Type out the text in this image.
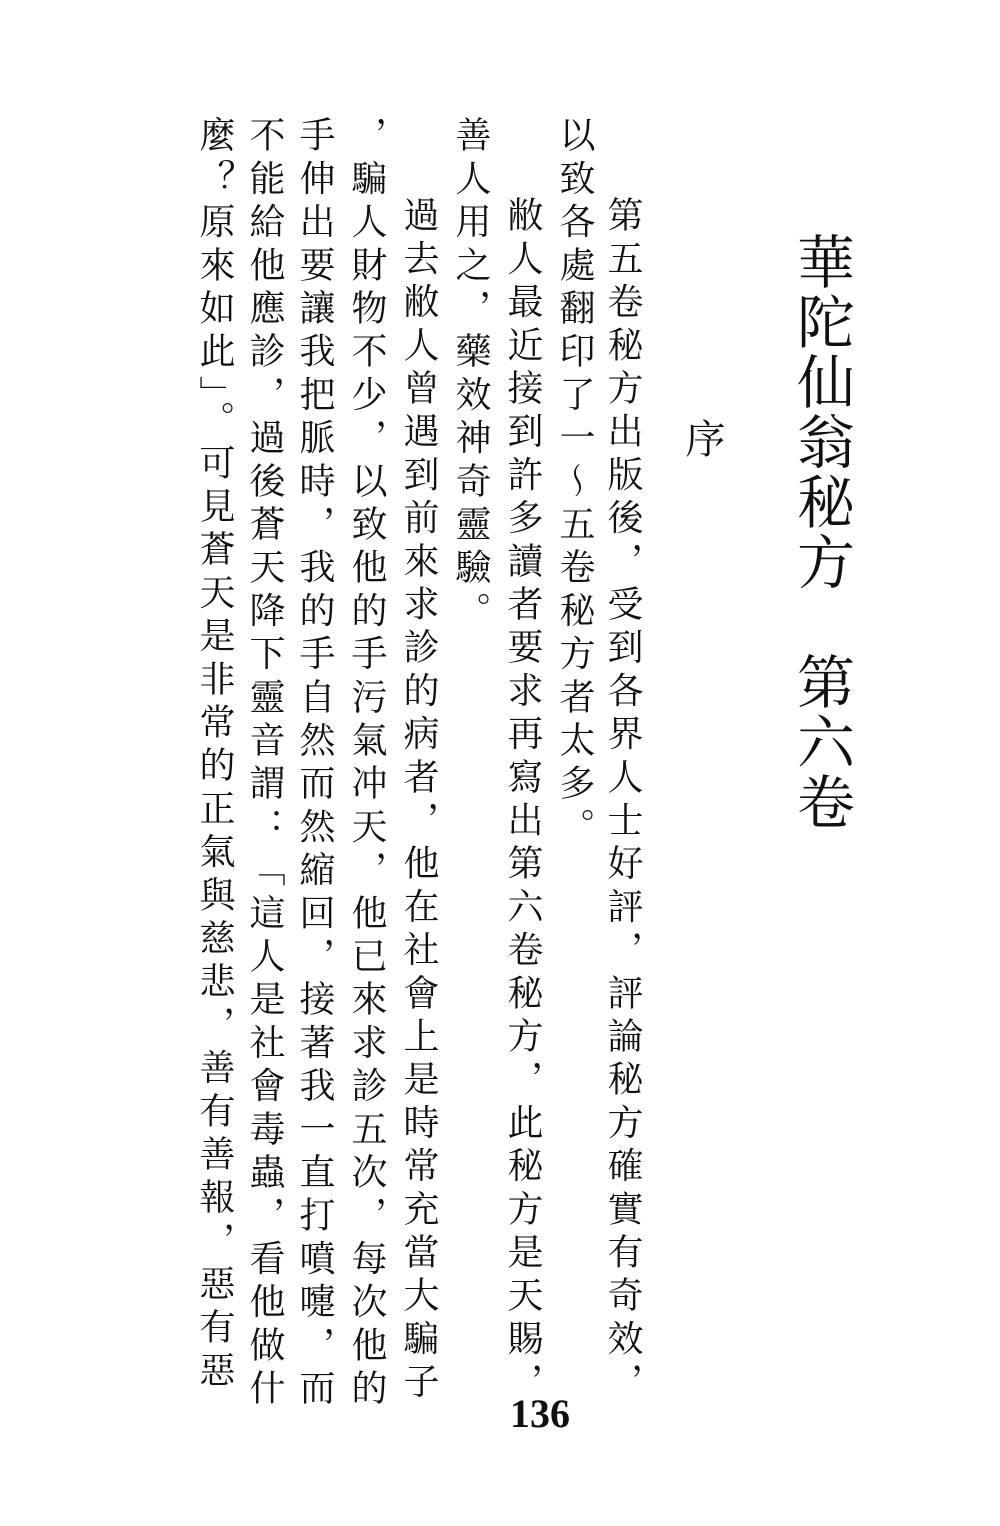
華陀仙翁秘方　第六卷
序
第五卷秘方出版後，受到各界人士好評，評論秘方確實有奇效，
以致各處翻印了一〜五卷秘方者太多。
敝人最近接到許多讀者要求再寫出第六卷秘方，此秘方是天賜，
善人用之，藥效神奇靈驗。
過去敝人曾遇到前來求診的病者，他在社會上是時常充當大騙子
，騙人財物不少，以致他的手污氣冲天，他已來求診五次，每次他的
手伸出要讓我把脈時，我的手自然而然縮回，接著我一直打噴嚏，而
不能給他應診，過後蒼天降下靈音謂：「這人是社會毒蟲，看他做什
麼？原來如此」。可見蒼天是非常的正氣與慈悲，善有善報，惡有惡
136
